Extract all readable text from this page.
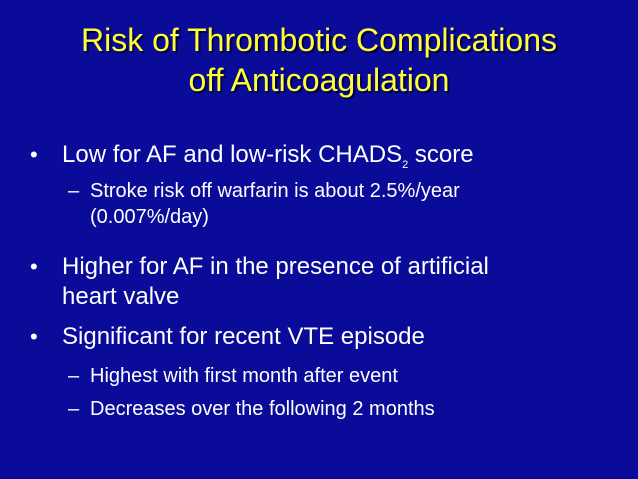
Risk of Thrombotic Complications
off Anticoagulation
• Low for AF and low-risk $CHADS_2$ score
– Stroke risk off warfarin is about 2.5%/year
(0.007%/day)
• Higher for AF in the presence of artificial
heart valve
• Significant for recent VTE episode
– Highest with first month after event
– Decreases over the following 2 months
